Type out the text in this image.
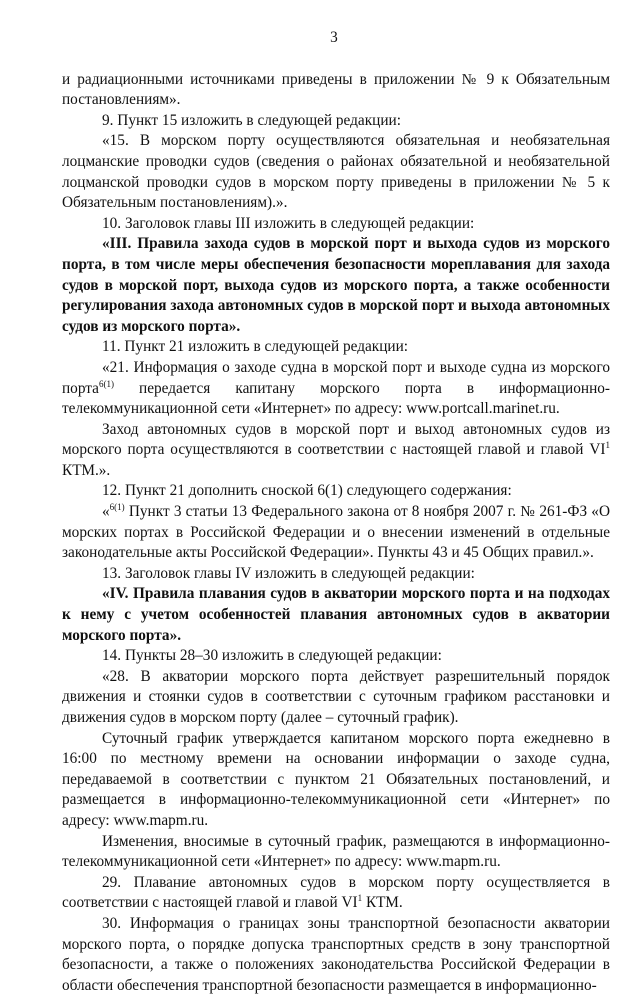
3

и радиационными источниками приведены в приложении № 9 к Обязательным постановлениям».

9. Пункт 15 изложить в следующей редакции:

«15. В морском порту осуществляются обязательная и необязательная лоцманские проводки судов (сведения о районах обязательной и необязательной лоцманской проводки судов в морском порту приведены в приложении № 5 к Обязательным постановлениям).».

10. Заголовок главы III изложить в следующей редакции:

«III. Правила захода судов в морской порт и выхода судов из морского порта, в том числе меры обеспечения безопасности мореплавания для захода судов в морской порт, выхода судов из морского порта, а также особенности регулирования захода автономных судов в морской порт и выхода автономных судов из морского порта».

11. Пункт 21 изложить в следующей редакции:

«21. Информация о заходе судна в морской порт и выходе судна из морского порта$^{6(1)}$ передается капитану морского порта в информационно-телекоммуникационной сети «Интернет» по адресу: www.portcall.marinet.ru.

Заход автономных судов в морской порт и выход автономных судов из морского порта осуществляются в соответствии с настоящей главой и главой $VI^1$ КТМ.».

12. Пункт 21 дополнить сноской 6(1) следующего содержания:

«$^{6(1)}$ Пункт 3 статьи 13 Федерального закона от 8 ноября 2007 г. № 261-ФЗ «О морских портах в Российской Федерации и о внесении изменений в отдельные законодательные акты Российской Федерации». Пункты 43 и 45 Общих правил.».

13. Заголовок главы IV изложить в следующей редакции:

«IV. Правила плавания судов в акватории морского порта и на подходах к нему с учетом особенностей плавания автономных судов в акватории морского порта».

14. Пункты 28–30 изложить в следующей редакции:

«28. В акватории морского порта действует разрешительный порядок движения и стоянки судов в соответствии с суточным графиком расстановки и движения судов в морском порту (далее – суточный график).

Суточный график утверждается капитаном морского порта ежедневно в 16:00 по местному времени на основании информации о заходе судна, передаваемой в соответствии с пунктом 21 Обязательных постановлений, и размещается в информационно-телекоммуникационной сети «Интернет» по адресу: www.mapm.ru.

Изменения, вносимые в суточный график, размещаются в информационно-телекоммуникационной сети «Интернет» по адресу: www.mapm.ru.

29. Плавание автономных судов в морском порту осуществляется в соответствии с настоящей главой и главой $VI^1$ КТМ.

30. Информация о границах зоны транспортной безопасности акватории морского порта, о порядке допуска транспортных средств в зону транспортной безопасности, а также о положениях законодательства Российской Федерации в области обеспечения транспортной безопасности размещается в информационно-
